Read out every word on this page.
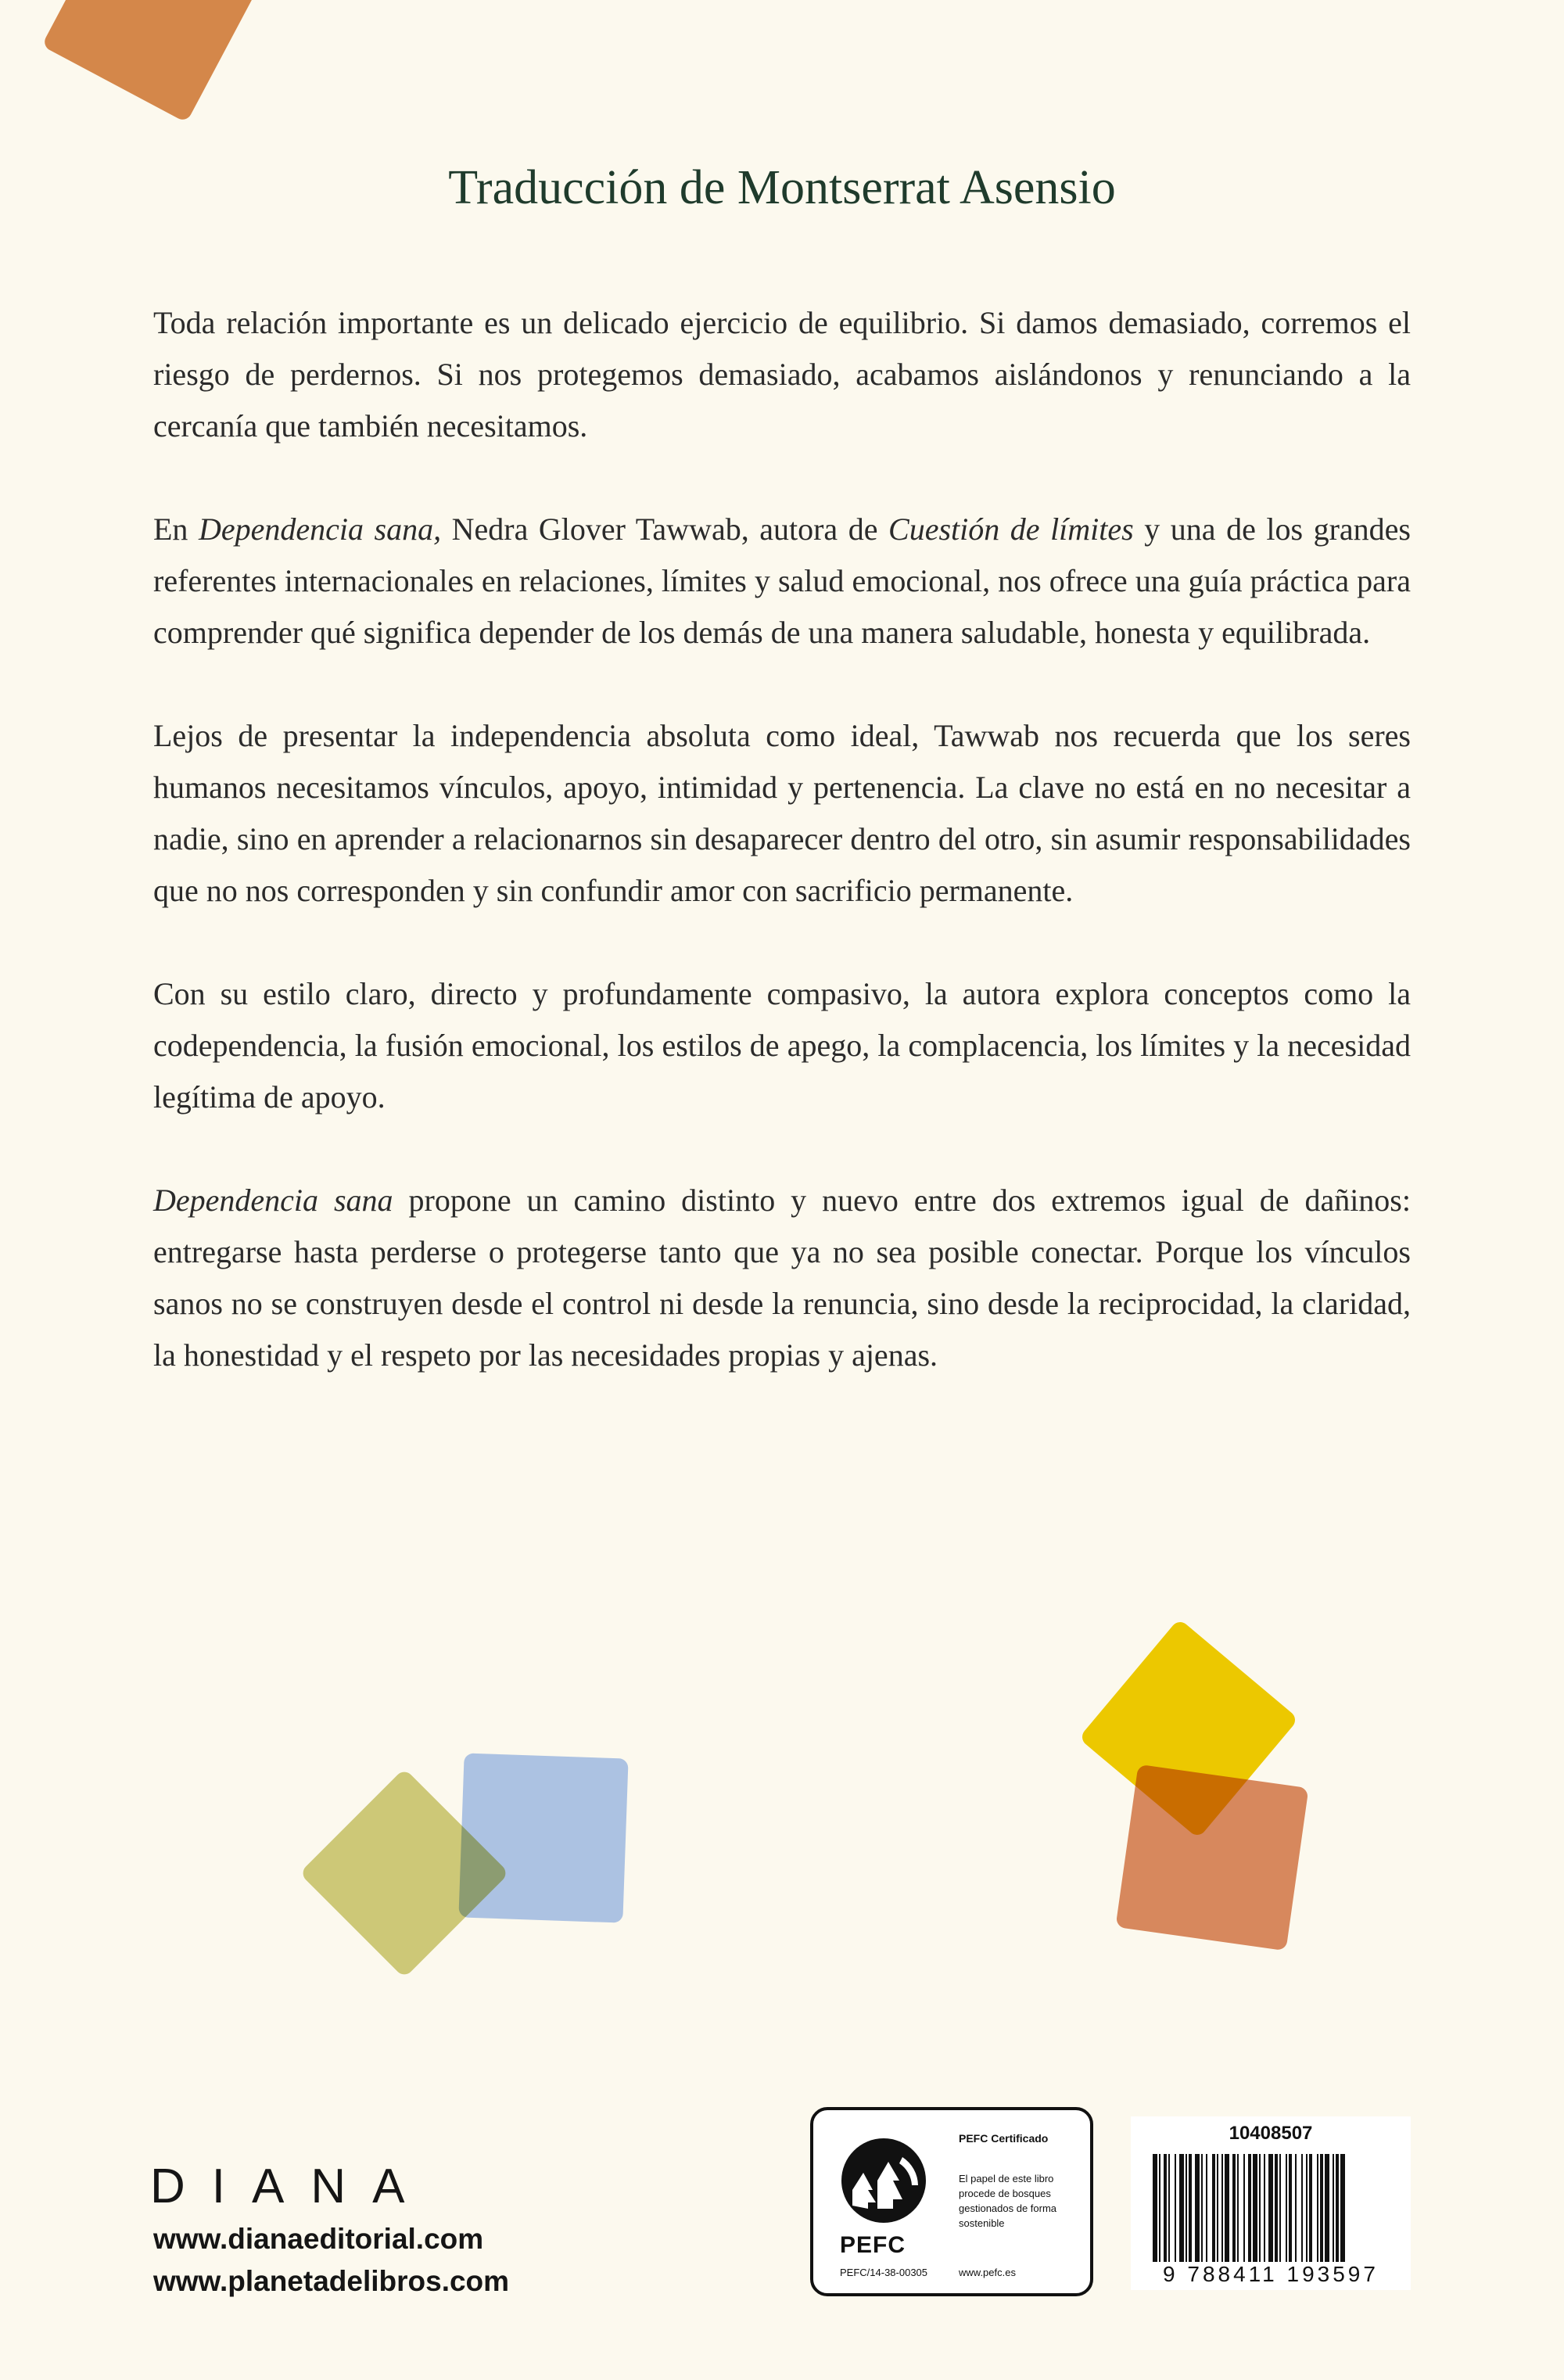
Traducción de Montserrat Asensio

Toda relación importante es un delicado ejercicio de equilibrio. Si damos demasiado, corremos el riesgo de perdernos. Si nos protegemos demasiado, acabamos aislándonos y renunciando a la cercanía que también necesitamos.

En Dependencia sana, Nedra Glover Tawwab, autora de Cuestión de límites y una de los grandes referentes internacionales en relaciones, límites y salud emocional, nos ofrece una guía práctica para comprender qué significa depender de los demás de una manera saludable, honesta y equilibrada.

Lejos de presentar la independencia absoluta como ideal, Tawwab nos recuerda que los seres humanos necesitamos vínculos, apoyo, intimidad y pertenencia. La clave no está en no necesitar a nadie, sino en aprender a relacionarnos sin desaparecer dentro del otro, sin asumir responsabilidades que no nos corresponden y sin confundir amor con sacrificio permanente.

Con su estilo claro, directo y profundamente compasivo, la autora explora conceptos como la codependencia, la fusión emocional, los estilos de apego, la complacencia, los límites y la necesidad legítima de apoyo.

Dependencia sana propone un camino distinto y nuevo entre dos extremos igual de dañinos: entregarse hasta perderse o protegerse tanto que ya no sea posible conectar. Porque los vínculos sanos no se construyen desde el control ni desde la renuncia, sino desde la reciprocidad, la claridad, la honestidad y el respeto por las necesidades propias y ajenas.

DIANA
www.dianaeditorial.com
www.planetadelibros.com
PEFC
PEFC/14-38-00305
PEFC Certificado
El papel de este libro procede de bosques gestionados de forma sostenible
www.pefc.es
10408507
9 788411 193597
